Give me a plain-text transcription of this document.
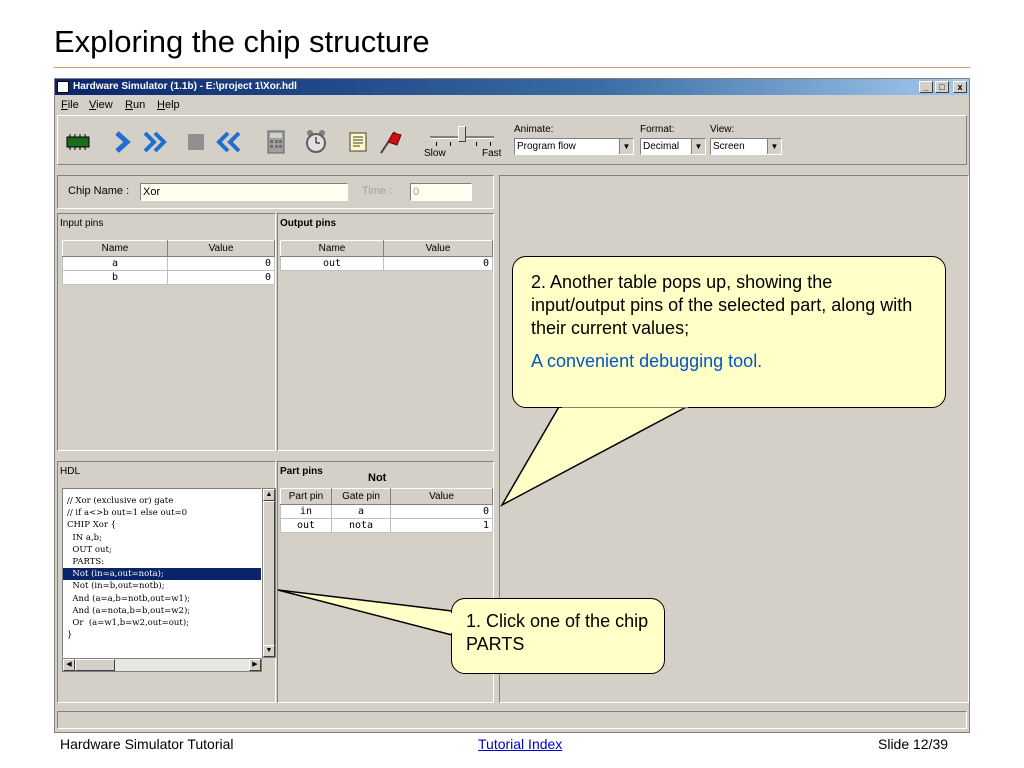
Exploring the chip structure
Hardware Simulator (1.1b) - E:\project 1\Xor.hdl	_	□	x
File View Run Help
Slow	Fast
Animate:
Program flow	▼
Format:
Decimal	▼
View:
Screen	▼
Chip Name : Xor	Time : 0
Input pins
Name	Value
a	0
b	0
Output pins
Name	Value
out	0
HDL
// Xor (exclusive or) gate
// if a<>b out=1 else out=0
CHIP Xor {
IN a,b;
OUT out;
PARTS:
Not (in=a,out=nota);
Not (in=b,out=notb);
And (a=a,b=notb,out=w1);
And (a=nota,b=b,out=w2);
Or  (a=w1,b=w2,out=out);
}
▲
▼
◀	▶
Part pins
Not
Part pin	Gate pin	Value
in	a	0
out	nota	1
2. Another table pops up, showing the input/output pins of the selected part, along with their current values;
A convenient debugging tool.
1. Click one of the chip PARTS
Hardware Simulator Tutorial	Tutorial Index	Slide 12/39
